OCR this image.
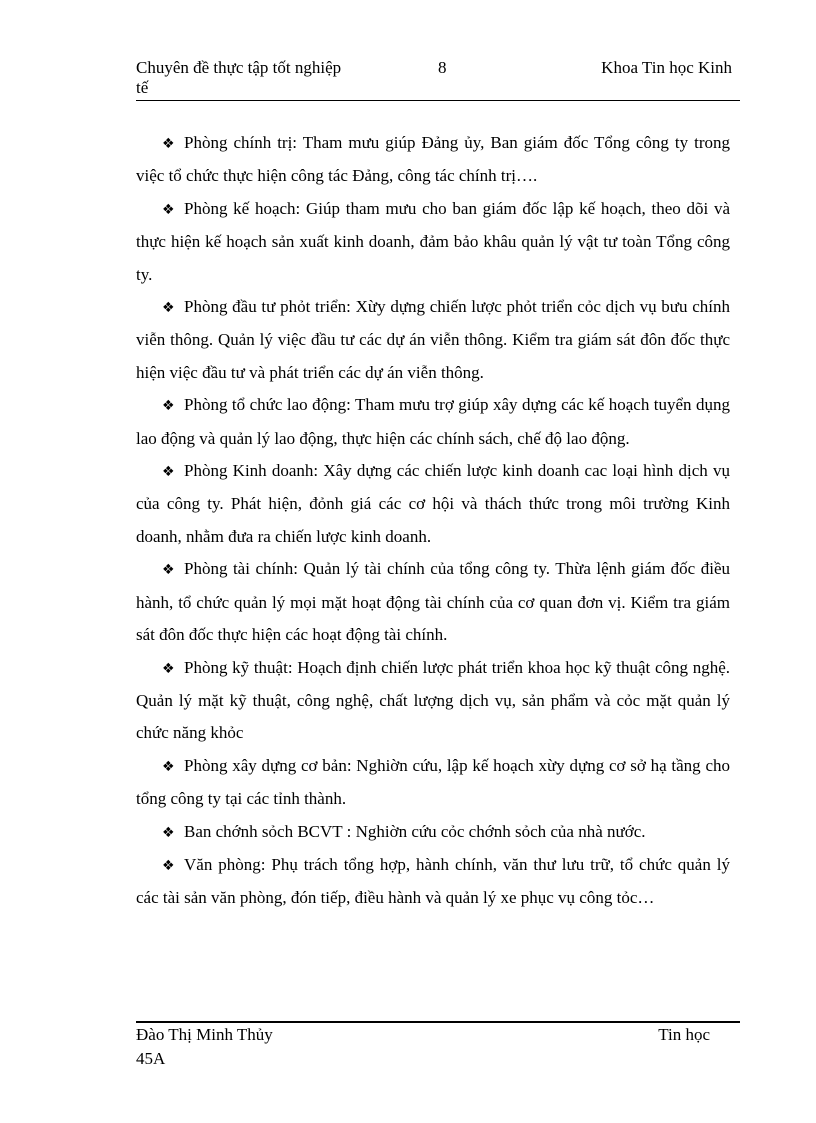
Chuyên đề thực tập tốt nghiệp	8	Khoa Tin học Kinh
tế

❖ Phòng chính trị: Tham mưu giúp Đảng ủy, Ban giám đốc Tổng công ty trong việc tổ chức thực hiện công tác Đảng, công tác chính trị….

❖ Phòng kế hoạch: Giúp tham mưu cho ban giám đốc lập kế hoạch, theo dõi và thực hiện kế hoạch sản xuất kinh doanh, đảm bảo khâu quản lý vật tư toàn Tổng công ty.

❖ Phòng đầu tư phỏt triển: Xừy dựng chiến lược phỏt triển cỏc dịch vụ bưu chính viễn thông. Quản lý việc đầu tư các dự án viễn thông. Kiểm tra giám sát đôn đốc thực hiện việc đầu tư và phát triển các dự án viễn thông.

❖ Phòng tổ chức lao động: Tham mưu trợ giúp xây dựng các kế hoạch tuyển dụng lao động và quản lý lao động, thực hiện các chính sách, chế độ lao động.

❖ Phòng Kinh doanh: Xây dựng các chiến lược kinh doanh cac loại hình dịch vụ của công ty. Phát hiện, đỏnh giá các cơ hội và thách thức trong môi trường Kinh doanh, nhằm đưa ra chiến lược kinh doanh.

❖ Phòng tài chính: Quản lý tài chính của tổng công ty. Thừa lệnh giám đốc điều hành, tổ chức quản lý mọi mặt hoạt động tài chính của cơ quan đơn vị. Kiểm tra giám sát đôn đốc thực hiện các hoạt động tài chính.

❖ Phòng kỹ thuật: Hoạch định chiến lược phát triển khoa học kỹ thuật công nghệ. Quản lý mặt kỹ thuật, công nghệ, chất lượng dịch vụ, sản phẩm và cỏc mặt quản lý chức năng khỏc

❖ Phòng xây dựng cơ bản: Nghiờn cứu, lập kế hoạch xừy dựng cơ sở hạ tầng cho tổng công ty tại các tỉnh thành.

❖ Ban chớnh sỏch BCVT : Nghiờn cứu cỏc chớnh sỏch của nhà nước.

❖ Văn phòng: Phụ trách tổng hợp, hành chính, văn thư lưu trữ, tổ chức quản lý các tài sản văn phòng, đón tiếp, điều hành và quản lý xe phục vụ công tỏc…

Đào Thị Minh Thủy	Tin học
45A
